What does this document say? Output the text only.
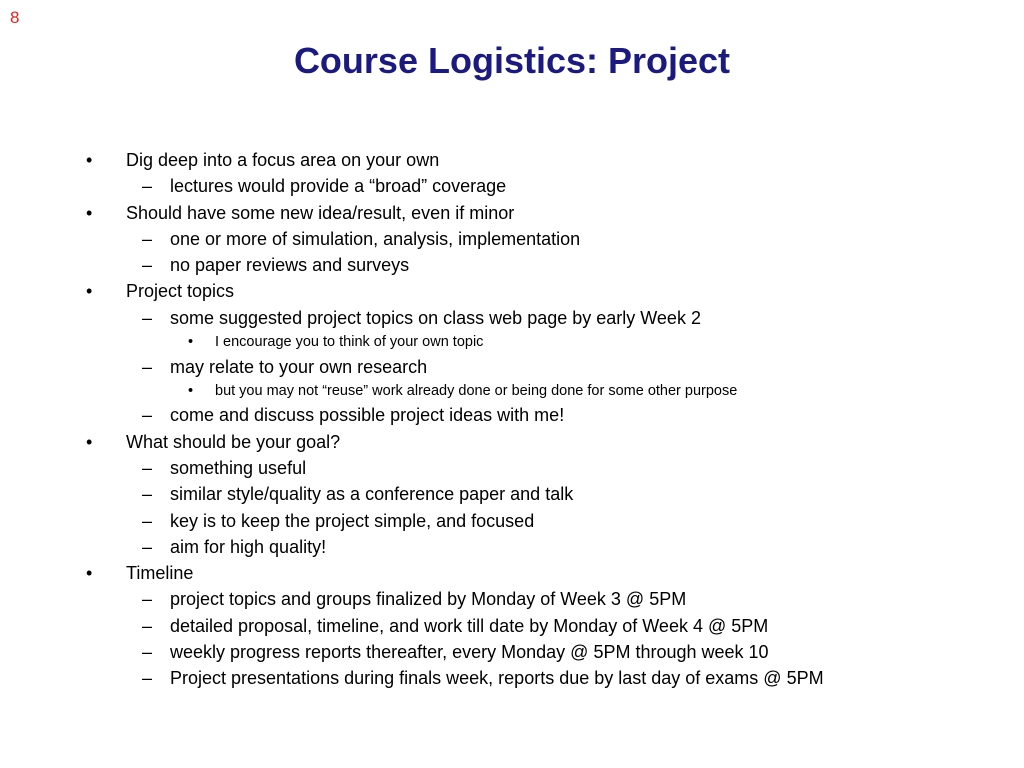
8
Course Logistics: Project
• Dig deep into a focus area on your own
– lectures would provide a “broad” coverage
• Should have some new idea/result, even if minor
– one or more of simulation, analysis, implementation
– no paper reviews and surveys
• Project topics
– some suggested project topics on class web page by early Week 2
• I encourage you to think of your own topic
– may relate to your own research
• but you may not “reuse” work already done or being done for some other purpose
– come and discuss possible project ideas with me!
• What should be your goal?
– something useful
– similar style/quality as a conference paper and talk
– key is to keep the project simple, and focused
– aim for high quality!
• Timeline
– project topics and groups finalized by Monday of Week 3 @ 5PM
– detailed proposal, timeline, and work till date by Monday of Week 4 @ 5PM
– weekly progress reports thereafter, every Monday @ 5PM through week 10
– Project presentations during finals week, reports due by last day of exams @ 5PM
